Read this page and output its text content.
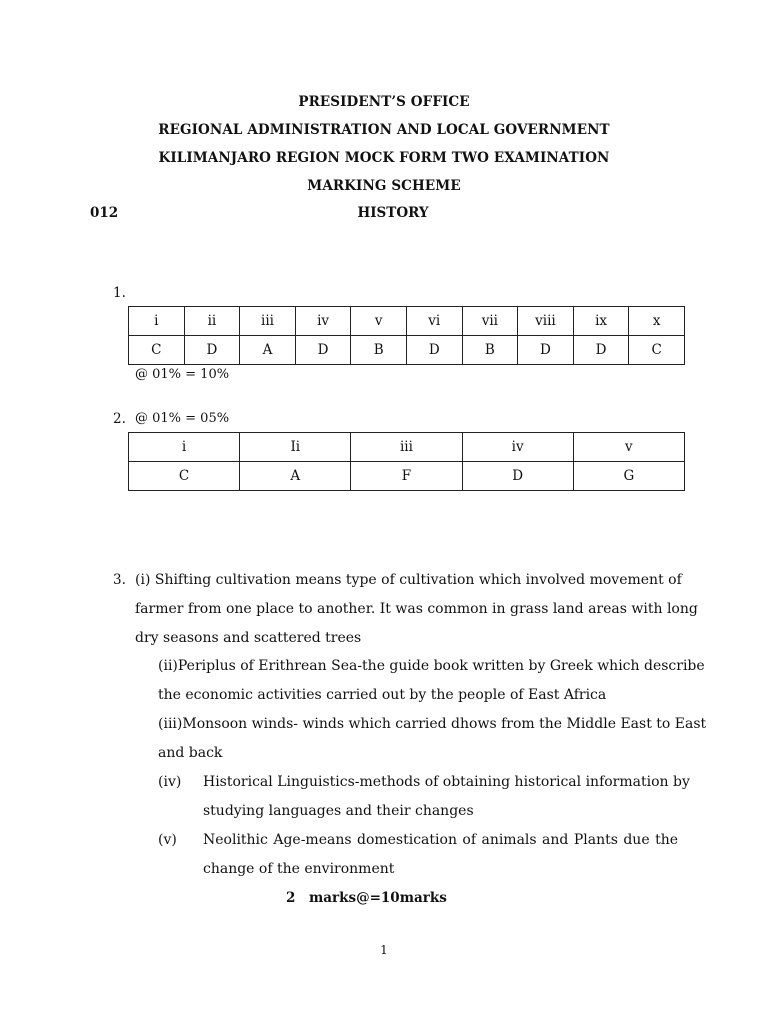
PRESIDENT’S OFFICE
REGIONAL ADMINISTRATION AND LOCAL GOVERNMENT
KILIMANJARO REGION MOCK FORM TWO EXAMINATION
MARKING SCHEME
012	HISTORY
1.
i	ii	iii	iv	v	vi	vii	viii	ix	x
C	D	A	D	B	D	B	D	D	C
@ 01% = 10%
2. @ 01% = 05%
i	Ii	iii	iv	v
C	A	F	D	G
3. (i) Shifting cultivation means type of cultivation which involved movement of
farmer from one place to another. It was common in grass land areas with long
dry seasons and scattered trees
(ii)Periplus of Erithrean Sea-the guide book written by Greek which describe
the economic activities carried out by the people of East Africa
(iii)Monsoon winds- winds which carried dhows from the Middle East to East
and back
(iv) Historical Linguistics-methods of obtaining historical information by
studying languages and their changes
(v) Neolithic Age-means domestication of animals and Plants due the
change of the environment
2 marks@=10marks
1
